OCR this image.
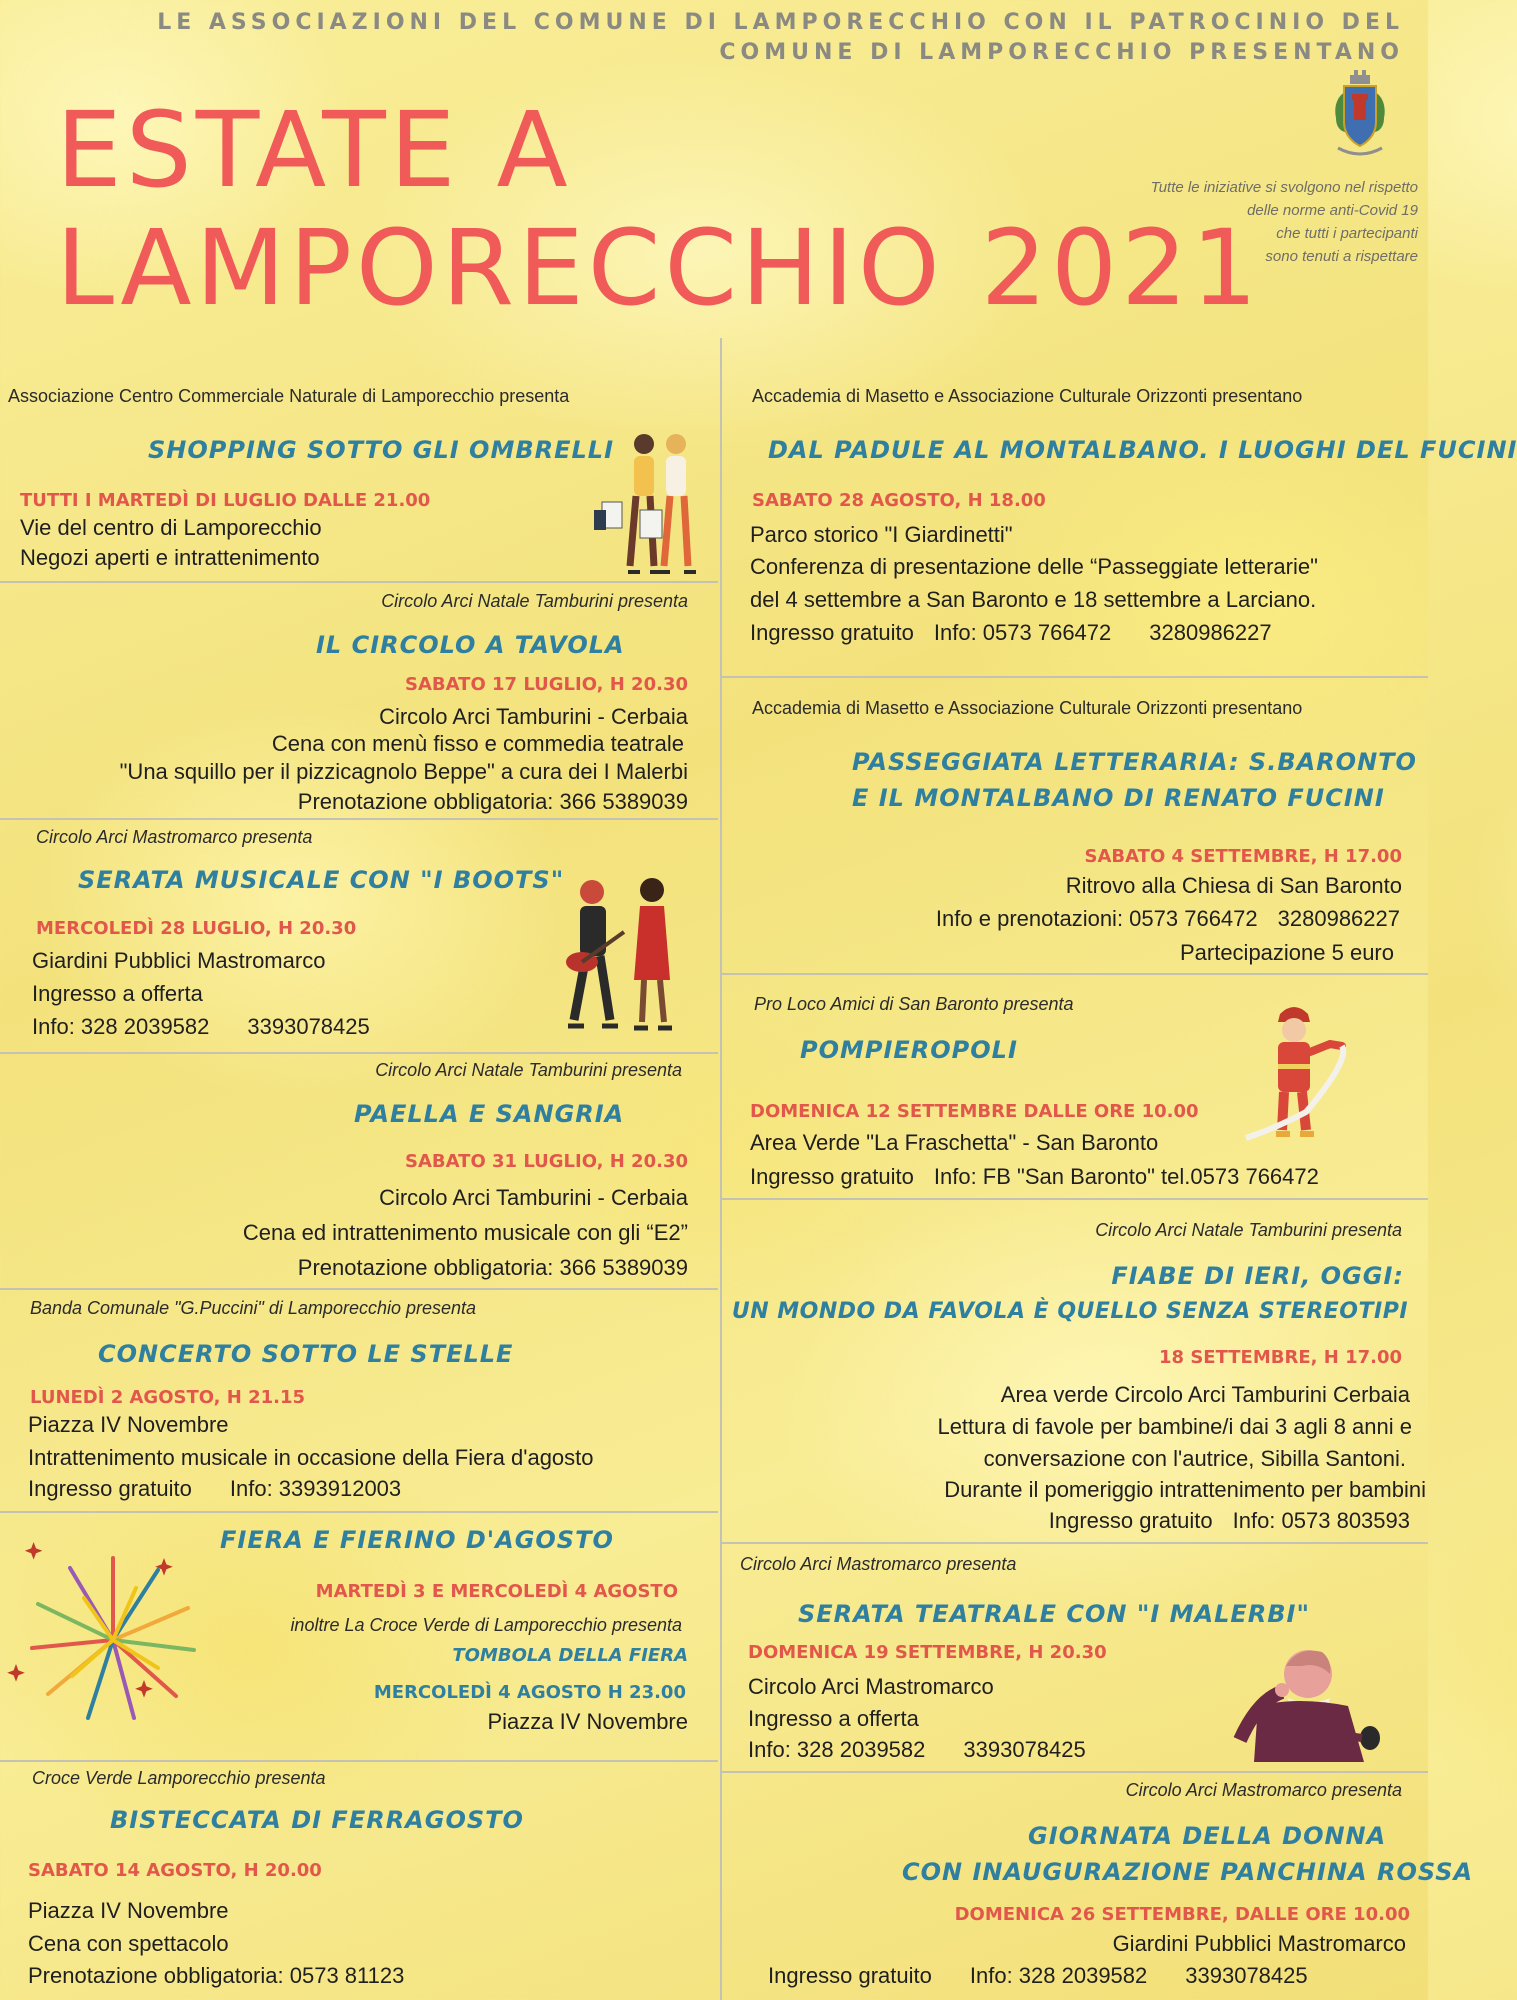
LE ASSOCIAZIONI DEL COMUNE DI LAMPORECCHIO CON IL PATROCINIO DEL
COMUNE DI LAMPORECCHIO PRESENTANO
ESTATE A
LAMPORECCHIO 2021
Tutte le iniziative si svolgono nel rispetto
delle norme anti-Covid 19
che tutti i partecipanti
sono tenuti a rispettare
Associazione Centro Commerciale Naturale di Lamporecchio presenta
SHOPPING SOTTO GLI OMBRELLI
TUTTI I MARTEDÌ DI LUGLIO DALLE 21.00
Vie del centro di Lamporecchio
Negozi aperti e intrattenimento
Circolo Arci Natale Tamburini presenta
IL CIRCOLO A TAVOLA
SABATO 17 LUGLIO, H 20.30
Circolo Arci Tamburini - Cerbaia
Cena con menù fisso e commedia teatrale
"Una squillo per il pizzicagnolo Beppe" a cura dei I Malerbi
Prenotazione obbligatoria: 366 5389039
Circolo Arci Mastromarco presenta
SERATA MUSICALE CON "I BOOTS"
MERCOLEDÌ 28 LUGLIO, H 20.30
Giardini Pubblici Mastromarco
Ingresso a offerta
Info: 328 2039582 3393078425
Circolo Arci Natale Tamburini presenta
PAELLA E SANGRIA
SABATO 31 LUGLIO, H 20.30
Circolo Arci Tamburini - Cerbaia
Cena ed intrattenimento musicale con gli “E2”
Prenotazione obbligatoria: 366 5389039
Banda Comunale "G.Puccini" di Lamporecchio presenta
CONCERTO SOTTO LE STELLE
LUNEDÌ 2 AGOSTO, H 21.15
Piazza IV Novembre
Intrattenimento musicale in occasione della Fiera d'agosto
Ingresso gratuito Info: 3393912003
FIERA E FIERINO D'AGOSTO
MARTEDÌ 3 E MERCOLEDÌ 4 AGOSTO
inoltre La Croce Verde di Lamporecchio presenta
TOMBOLA DELLA FIERA
MERCOLEDÌ 4 AGOSTO H 23.00
Piazza IV Novembre
Croce Verde Lamporecchio presenta
BISTECCATA DI FERRAGOSTO
SABATO 14 AGOSTO, H 20.00
Piazza IV Novembre
Cena con spettacolo
Prenotazione obbligatoria: 0573 81123
Accademia di Masetto e Associazione Culturale Orizzonti presentano
DAL PADULE AL MONTALBANO. I LUOGHI DEL FUCINI
SABATO 28 AGOSTO, H 18.00
Parco storico "I Giardinetti"
Conferenza di presentazione delle “Passeggiate letterarie"
del 4 settembre a San Baronto e 18 settembre a Larciano.
Ingresso gratuito Info: 0573 766472 3280986227
Accademia di Masetto e Associazione Culturale Orizzonti presentano
PASSEGGIATA LETTERARIA: S.BARONTO
E IL MONTALBANO DI RENATO FUCINI
SABATO 4 SETTEMBRE, H 17.00
Ritrovo alla Chiesa di San Baronto
Info e prenotazioni: 0573 766472 3280986227
Partecipazione 5 euro
Pro Loco Amici di San Baronto presenta
POMPIEROPOLI
DOMENICA 12 SETTEMBRE DALLE ORE 10.00
Area Verde "La Fraschetta" - San Baronto
Ingresso gratuito Info: FB "San Baronto" tel.0573 766472
Circolo Arci Natale Tamburini presenta
FIABE DI IERI, OGGI:
UN MONDO DA FAVOLA È QUELLO SENZA STEREOTIPI
18 SETTEMBRE, H 17.00
Area verde Circolo Arci Tamburini Cerbaia
Lettura di favole per bambine/i dai 3 agli 8 anni e
conversazione con l'autrice, Sibilla Santoni.
Durante il pomeriggio intrattenimento per bambini
Ingresso gratuito Info: 0573 803593
Circolo Arci Mastromarco presenta
SERATA TEATRALE CON "I MALERBI"
DOMENICA 19 SETTEMBRE, H 20.30
Circolo Arci Mastromarco
Ingresso a offerta
Info: 328 2039582 3393078425
Circolo Arci Mastromarco presenta
GIORNATA DELLA DONNA
CON INAUGURAZIONE PANCHINA ROSSA
DOMENICA 26 SETTEMBRE, DALLE ORE 10.00
Giardini Pubblici Mastromarco
Ingresso gratuito Info: 328 2039582 3393078425
